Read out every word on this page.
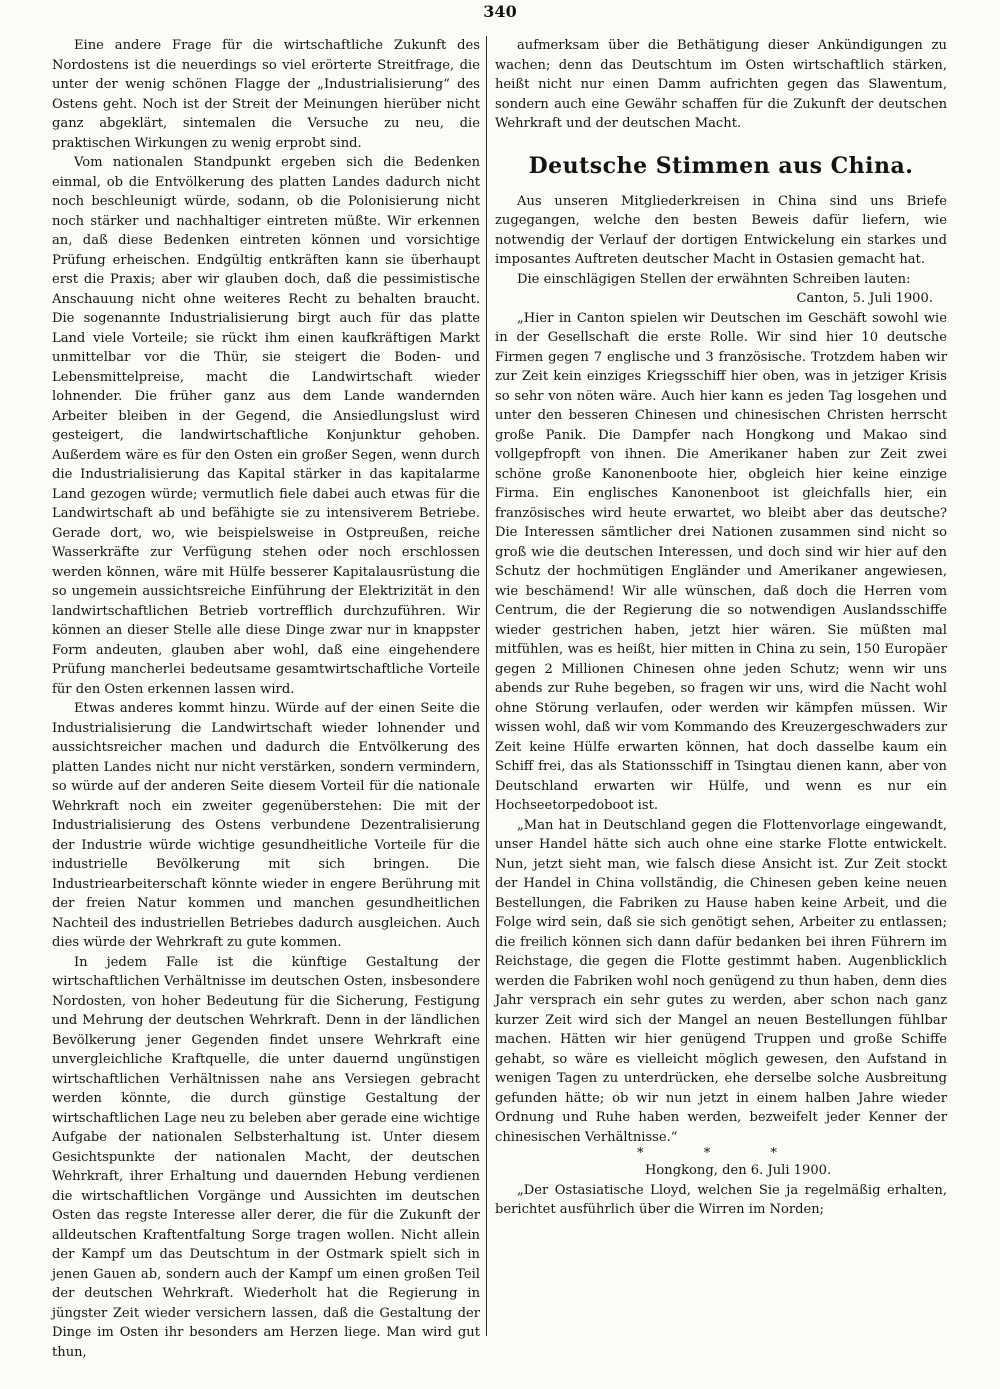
340

Eine andere Frage für die wirtschaftliche Zukunft des Nordostens ist die neuerdings so viel erörterte Streitfrage, die unter der wenig schönen Flagge der „Industrialisierung“ des Ostens geht. Noch ist der Streit der Meinungen hierüber nicht ganz abgeklärt, sintemalen die Versuche zu neu, die praktischen Wirkungen zu wenig erprobt sind.

Vom nationalen Standpunkt ergeben sich die Bedenken einmal, ob die Entvölkerung des platten Landes dadurch nicht noch beschleunigt würde, sodann, ob die Polonisierung nicht noch stärker und nachhaltiger eintreten müßte. Wir erkennen an, daß diese Bedenken eintreten können und vorsichtige Prüfung erheischen. Endgültig entkräften kann sie überhaupt erst die Praxis; aber wir glauben doch, daß die pessimistische Anschauung nicht ohne weiteres Recht zu behalten braucht. Die sogenannte Industrialisierung birgt auch für das platte Land viele Vorteile; sie rückt ihm einen kaufkräftigen Markt unmittelbar vor die Thür, sie steigert die Boden- und Lebensmittelpreise, macht die Landwirtschaft wieder lohnender. Die früher ganz aus dem Lande wandernden Arbeiter bleiben in der Gegend, die Ansiedlungslust wird gesteigert, die landwirtschaftliche Konjunktur gehoben. Außerdem wäre es für den Osten ein großer Segen, wenn durch die Industrialisierung das Kapital stärker in das kapitalarme Land gezogen würde; vermutlich fiele dabei auch etwas für die Landwirtschaft ab und befähigte sie zu intensiverem Betriebe. Gerade dort, wo, wie beispielsweise in Ostpreußen, reiche Wasserkräfte zur Verfügung stehen oder noch erschlossen werden können, wäre mit Hülfe besserer Kapitalausrüstung die so ungemein aussichtsreiche Einführung der Elektrizität in den landwirtschaftlichen Betrieb vortrefflich durchzuführen. Wir können an dieser Stelle alle diese Dinge zwar nur in knappster Form andeuten, glauben aber wohl, daß eine eingehendere Prüfung mancherlei bedeutsame gesamtwirtschaftliche Vorteile für den Osten erkennen lassen wird.

Etwas anderes kommt hinzu. Würde auf der einen Seite die Industrialisierung die Landwirtschaft wieder lohnender und aussichtsreicher machen und dadurch die Entvölkerung des platten Landes nicht nur nicht verstärken, sondern vermindern, so würde auf der anderen Seite diesem Vorteil für die nationale Wehrkraft noch ein zweiter gegenüberstehen: Die mit der Industrialisierung des Ostens verbundene Dezentralisierung der Industrie würde wichtige gesundheitliche Vorteile für die industrielle Bevölkerung mit sich bringen. Die Industriearbeiterschaft könnte wieder in engere Berührung mit der freien Natur kommen und manchen gesundheitlichen Nachteil des industriellen Betriebes dadurch ausgleichen. Auch dies würde der Wehrkraft zu gute kommen.

In jedem Falle ist die künftige Gestaltung der wirtschaftlichen Verhältnisse im deutschen Osten, insbesondere Nordosten, von hoher Bedeutung für die Sicherung, Festigung und Mehrung der deutschen Wehrkraft. Denn in der ländlichen Bevölkerung jener Gegenden findet unsere Wehrkraft eine unvergleichliche Kraftquelle, die unter dauernd ungünstigen wirtschaftlichen Verhältnissen nahe ans Versiegen gebracht werden könnte, die durch günstige Gestaltung der wirtschaftlichen Lage neu zu beleben aber gerade eine wichtige Aufgabe der nationalen Selbsterhaltung ist. Unter diesem Gesichtspunkte der nationalen Macht, der deutschen Wehrkraft, ihrer Erhaltung und dauernden Hebung verdienen die wirtschaftlichen Vorgänge und Aussichten im deutschen Osten das regste Interesse aller derer, die für die Zukunft der alldeutschen Kraftentfaltung Sorge tragen wollen. Nicht allein der Kampf um das Deutschtum in der Ostmark spielt sich in jenen Gauen ab, sondern auch der Kampf um einen großen Teil der deutschen Wehrkraft. Wiederholt hat die Regierung in jüngster Zeit wieder versichern lassen, daß die Gestaltung der Dinge im Osten ihr besonders am Herzen liege. Man wird gut thun,

aufmerksam über die Bethätigung dieser Ankündigungen zu wachen; denn das Deutschtum im Osten wirtschaftlich stärken, heißt nicht nur einen Damm aufrichten gegen das Slawentum, sondern auch eine Gewähr schaffen für die Zukunft der deutschen Wehrkraft und der deutschen Macht.

Deutsche Stimmen aus China.

Aus unseren Mitgliederkreisen in China sind uns Briefe zugegangen, welche den besten Beweis dafür liefern, wie notwendig der Verlauf der dortigen Entwickelung ein starkes und imposantes Auftreten deutscher Macht in Ostasien gemacht hat.

Die einschlägigen Stellen der erwähnten Schreiben lauten:

Canton, 5. Juli 1900.

„Hier in Canton spielen wir Deutschen im Geschäft sowohl wie in der Gesellschaft die erste Rolle. Wir sind hier 10 deutsche Firmen gegen 7 englische und 3 französische. Trotzdem haben wir zur Zeit kein einziges Kriegsschiff hier oben, was in jetziger Krisis so sehr von nöten wäre. Auch hier kann es jeden Tag losgehen und unter den besseren Chinesen und chinesischen Christen herrscht große Panik. Die Dampfer nach Hongkong und Makao sind vollgepfropft von ihnen. Die Amerikaner haben zur Zeit zwei schöne große Kanonenboote hier, obgleich hier keine einzige Firma. Ein englisches Kanonenboot ist gleichfalls hier, ein französisches wird heute erwartet, wo bleibt aber das deutsche? Die Interessen sämtlicher drei Nationen zusammen sind nicht so groß wie die deutschen Interessen, und doch sind wir hier auf den Schutz der hochmütigen Engländer und Amerikaner angewiesen, wie beschämend! Wir alle wünschen, daß doch die Herren vom Centrum, die der Regierung die so notwendigen Auslandsschiffe wieder gestrichen haben, jetzt hier wären. Sie müßten mal mitfühlen, was es heißt, hier mitten in China zu sein, 150 Europäer gegen 2 Millionen Chinesen ohne jeden Schutz; wenn wir uns abends zur Ruhe begeben, so fragen wir uns, wird die Nacht wohl ohne Störung verlaufen, oder werden wir kämpfen müssen. Wir wissen wohl, daß wir vom Kommando des Kreuzergeschwaders zur Zeit keine Hülfe erwarten können, hat doch dasselbe kaum ein Schiff frei, das als Stationsschiff in Tsingtau dienen kann, aber von Deutschland erwarten wir Hülfe, und wenn es nur ein Hochseetorpedoboot ist.

„Man hat in Deutschland gegen die Flottenvorlage eingewandt, unser Handel hätte sich auch ohne eine starke Flotte entwickelt. Nun, jetzt sieht man, wie falsch diese Ansicht ist. Zur Zeit stockt der Handel in China vollständig, die Chinesen geben keine neuen Bestellungen, die Fabriken zu Hause haben keine Arbeit, und die Folge wird sein, daß sie sich genötigt sehen, Arbeiter zu entlassen; die freilich können sich dann dafür bedanken bei ihren Führern im Reichstage, die gegen die Flotte gestimmt haben. Augenblicklich werden die Fabriken wohl noch genügend zu thun haben, denn dies Jahr versprach ein sehr gutes zu werden, aber schon nach ganz kurzer Zeit wird sich der Mangel an neuen Bestellungen fühlbar machen. Hätten wir hier genügend Truppen und große Schiffe gehabt, so wäre es vielleicht möglich gewesen, den Aufstand in wenigen Tagen zu unterdrücken, ehe derselbe solche Ausbreitung gefunden hätte; ob wir nun jetzt in einem halben Jahre wieder Ordnung und Ruhe haben werden, bezweifelt jeder Kenner der chinesischen Verhältnisse.“

* * *

Hongkong, den 6. Juli 1900.

„Der Ostasiatische Lloyd, welchen Sie ja regelmäßig erhalten, berichtet ausführlich über die Wirren im Norden;
